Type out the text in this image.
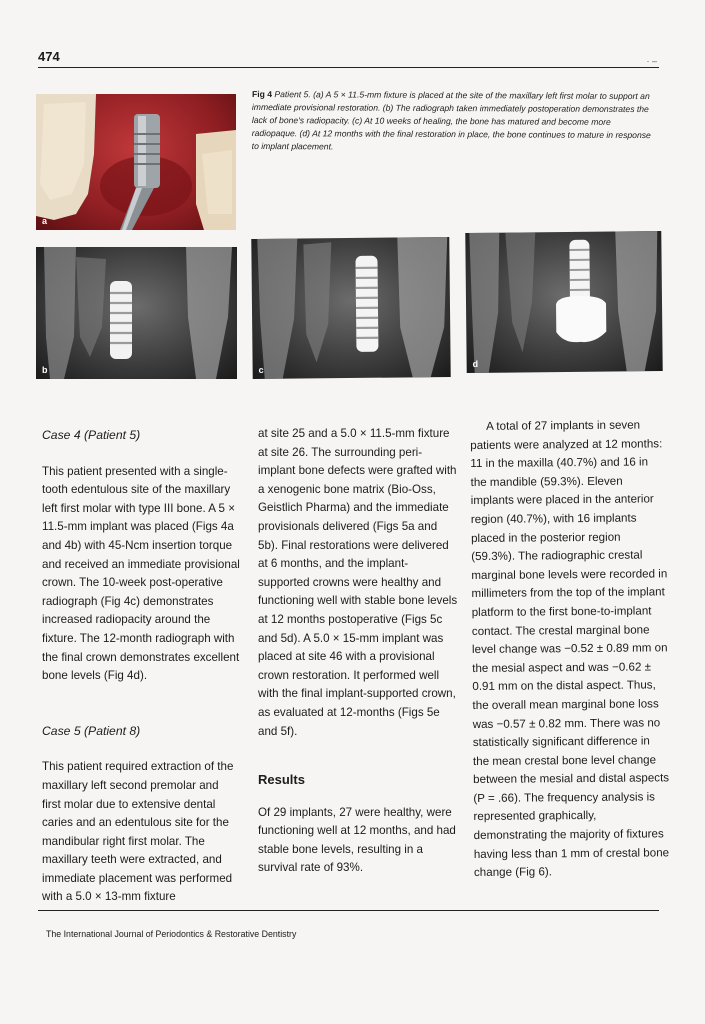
474	· –
Fig 4 Patient 5. (a) A 5 × 11.5-mm fixture is placed at the site of the maxillary left first molar to support an immediate provisional restoration. (b) The radiograph taken immediately postoperation demonstrates the lack of bone's radiopacity. (c) At 10 weeks of healing, the bone has matured and become more radiopaque. (d) At 12 months with the final restoration in place, the bone continues to mature in response to implant placement.
a
b	c
d

Case 4 (Patient 5)

This patient presented with a single-tooth edentulous site of the maxillary left first molar with type III bone. A 5 × 11.5-mm implant was placed (Figs 4a and 4b) with 45-Ncm insertion torque and received an immediate provisional crown. The 10-week post-operative radiograph (Fig 4c) demonstrates increased radiopacity around the fixture. The 12-month radiograph with the final crown demonstrates excellent bone levels (Fig 4d).

Case 5 (Patient 8)

This patient required extraction of the maxillary left second premolar and first molar due to extensive dental caries and an edentulous site for the mandibular right first molar. The maxillary teeth were extracted, and immediate placement was performed with a 5.0 × 13-mm fixture

at site 25 and a 5.0 × 11.5-mm fixture at site 26. The surrounding peri-implant bone defects were grafted with a xenogenic bone matrix (Bio-Oss, Geistlich Pharma) and the immediate provisionals delivered (Figs 5a and 5b). Final restorations were delivered at 6 months, and the implant-supported crowns were healthy and functioning well with stable bone levels at 12 months postoperative (Figs 5c and 5d). A 5.0 × 15-mm implant was placed at site 46 with a provisional crown restoration. It performed well with the final implant-supported crown, as evaluated at 12-months (Figs 5e and 5f).

Results

Of 29 implants, 27 were healthy, were functioning well at 12 months, and had stable bone levels, resulting in a survival rate of 93%.

A total of 27 implants in seven patients were analyzed at 12 months: 11 in the maxilla (40.7%) and 16 in the mandible (59.3%). Eleven implants were placed in the anterior region (40.7%), with 16 implants placed in the posterior region (59.3%). The radiographic crestal marginal bone levels were recorded in millimeters from the top of the implant platform to the first bone-to-implant contact. The crestal marginal bone level change was −0.52 ± 0.89 mm on the mesial aspect and was −0.62 ± 0.91 mm on the distal aspect. Thus, the overall mean marginal bone loss was −0.57 ± 0.82 mm. There was no statistically significant difference in the mean crestal bone level change between the mesial and distal aspects (P = .66). The frequency analysis is represented graphically, demonstrating the majority of fixtures having less than 1 mm of crestal bone change (Fig 6).

The International Journal of Periodontics & Restorative Dentistry
